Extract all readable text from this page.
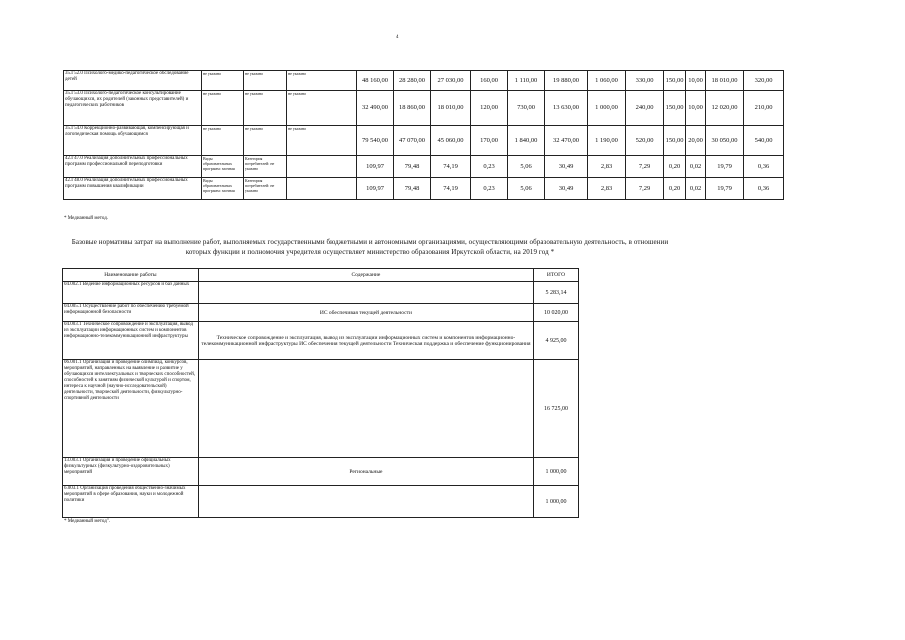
4
35.Г52.0 Психолого-медико-педагогическое обследование детей	не указано	не указано	не указано	48 160,00	28 280,00	27 030,00	160,00	1 110,00	19 880,00	1 060,00	330,00	150,00	10,00	18 010,00	320,00
35.Г53.0 Психолого-педагогическое консультирование обучающихся, их родителей (законных представителей) и педагогических работников	не указано	не указано	не указано	32 490,00	18 860,00	18 010,00	120,00	730,00	13 630,00	1 000,00	240,00	150,00	10,00	12 020,00	210,00
35.Г54.0 Коррекционно-развивающая, компенсирующая и логопедическая помощь обучающимся	не указано	не указано	не указано	79 540,00	47 070,00	45 060,00	170,00	1 840,00	32 470,00	1 190,00	520,00	150,00	20,00	30 050,00	540,00
42.Г47.0 Реализация дополнительных профессиональных программ профессиональной переподготовки	Виды образовательных программ: заочная	Категория потребителей: не указано		109,97	79,48	74,19	0,23	5,06	30,49	2,83	7,29	0,20	0,02	19,79	0,36
42.Г48.0 Реализация дополнительных профессиональных программ повышения квалификации	Виды образовательных программ: заочная	Категория потребителей: не указано		109,97	79,48	74,19	0,23	5,06	30,49	2,83	7,29	0,20	0,02	19,79	0,36
* Медианный метод.
Базовые нормативы затрат на выполнение работ, выполняемых государственными бюджетными и автономными организациями, осуществляющими образовательную деятельность, в отношении которых функции и полномочия учредителя осуществляет министерство образования Иркутской области, на 2019 год *
Наименование работы	Содержание	ИТОГО
04.002.1 Ведение информационных ресурсов и баз данных		5 283,14
04.005.1 Осуществление работ по обеспечению требуемой информационной безопасности	ИС обеспечивая текущей деятельности	10 020,00
04.003.1 Техническое сопровождение и эксплуатация, вывод из эксплуатации информационных систем и компонентов информационно-телекоммуникационной инфраструктуры	Техническое сопровождение и эксплуатация, вывод из эксплуатации информационных систем и компонентов информационно-телекоммуникационной инфраструктуры ИС обеспечения текущей деятельности Техническая поддержка и обеспечение функционирования	4 925,00
06.001.1 Организация и проведение олимпиад, конкурсов, мероприятий, направленных на выявление и развитие у обучающихся интеллектуальных и творческих способностей, способностей к занятиям физической культурой и спортом, интереса к научной (научно-исследовательской) деятельности, творческой деятельности, физкультурно-спортивной деятельности		16 725,00
13.003.1 Организация и проведение официальных физкультурных (физкультурно-оздоровительных) мероприятий	Региональные	1 000,00
6.003.1 Организация проведения общественно-значимых мероприятий в сфере образования, науки и молодежной политики		1 000,00
* Медианный метод".
